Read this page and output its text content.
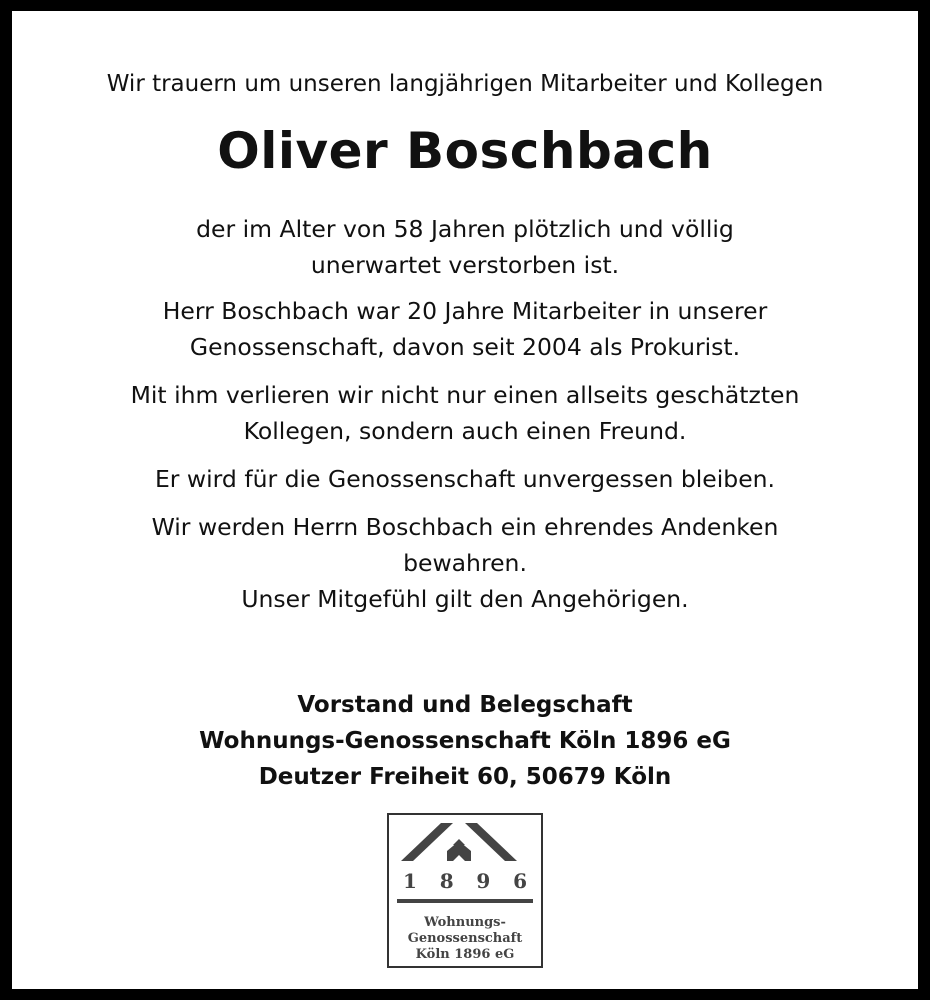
Wir trauern um unseren langjährigen Mitarbeiter und Kollegen
Oliver Boschbach
der im Alter von 58 Jahren plötzlich und völlig
unerwartet verstorben ist.
Herr Boschbach war 20 Jahre Mitarbeiter in unserer
Genossenschaft, davon seit 2004 als Prokurist.
Mit ihm verlieren wir nicht nur einen allseits geschätzten
Kollegen, sondern auch einen Freund.
Er wird für die Genossenschaft unvergessen bleiben.
Wir werden Herrn Boschbach ein ehrendes Andenken
bewahren.
Unser Mitgefühl gilt den Angehörigen.
Vorstand und Belegschaft
Wohnungs-Genossenschaft Köln 1896 eG
Deutzer Freiheit 60, 50679 Köln
1 8 9 6
Wohnungs-
Genossenschaft
Köln 1896 eG
